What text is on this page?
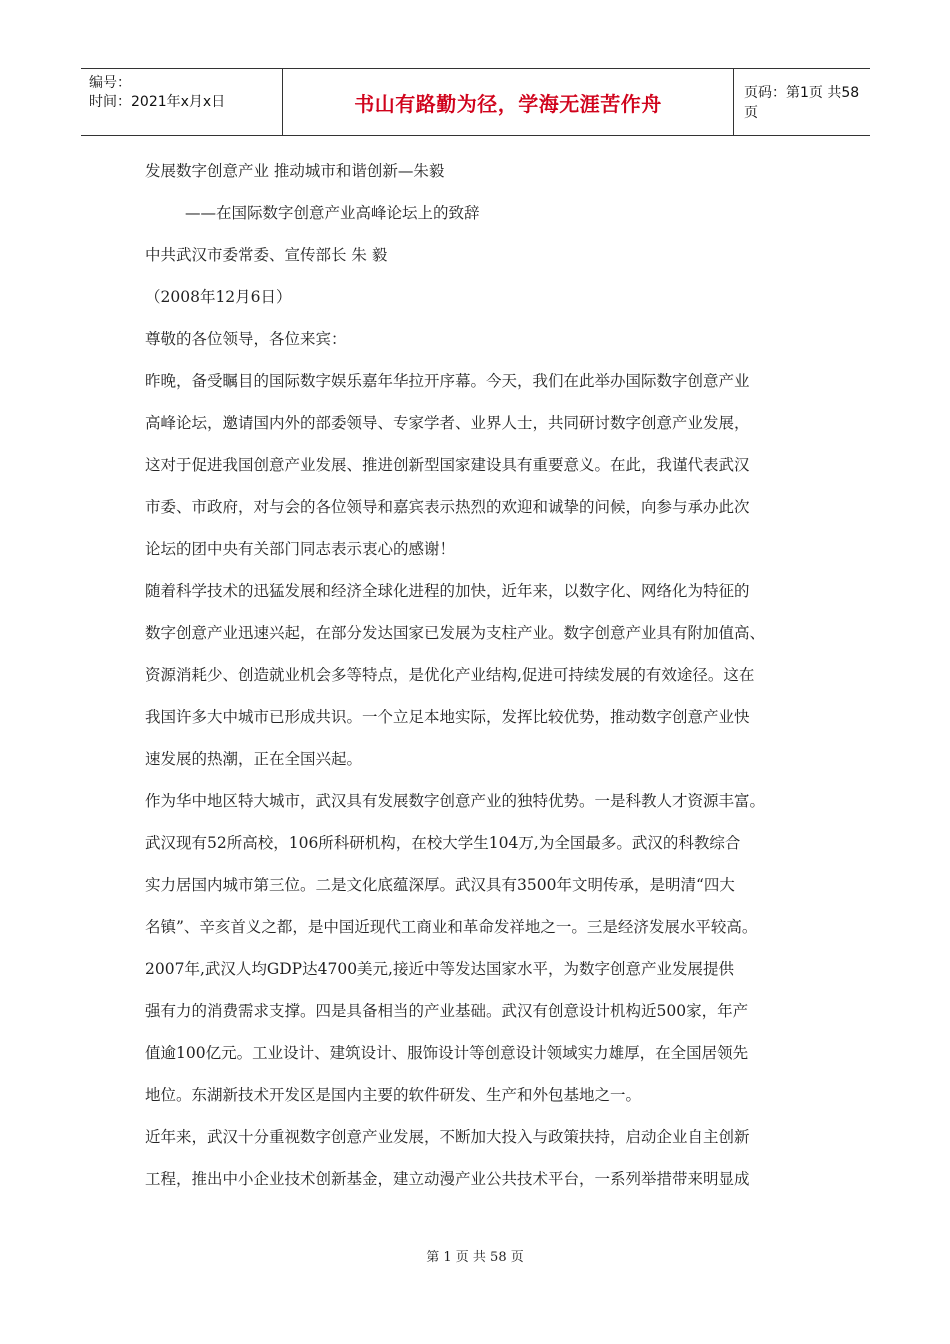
编号：
时间：2021年x月x日	书山有路勤为径，学海无涯苦作舟	页码：第1页 共58页
发展数字创意产业 推动城市和谐创新—朱毅
——在国际数字创意产业高峰论坛上的致辞
中共武汉市委常委、宣传部长 朱 毅
（2008年12月6日）
尊敬的各位领导，各位来宾：
昨晚，备受瞩目的国际数字娱乐嘉年华拉开序幕。今天，我们在此举办国际数字创意产业
高峰论坛，邀请国内外的部委领导、专家学者、业界人士，共同研讨数字创意产业发展，
这对于促进我国创意产业发展、推进创新型国家建设具有重要意义。在此，我谨代表武汉
市委、市政府，对与会的各位领导和嘉宾表示热烈的欢迎和诚挚的问候，向参与承办此次
论坛的团中央有关部门同志表示衷心的感谢！
随着科学技术的迅猛发展和经济全球化进程的加快，近年来，以数字化、网络化为特征的
数字创意产业迅速兴起，在部分发达国家已发展为支柱产业。数字创意产业具有附加值高、
资源消耗少、创造就业机会多等特点，是优化产业结构,促进可持续发展的有效途径。这在
我国许多大中城市已形成共识。一个立足本地实际，发挥比较优势，推动数字创意产业快
速发展的热潮，正在全国兴起。
作为华中地区特大城市，武汉具有发展数字创意产业的独特优势。一是科教人才资源丰富。
武汉现有52所高校，106所科研机构，在校大学生104万,为全国最多。武汉的科教综合
实力居国内城市第三位。二是文化底蕴深厚。武汉具有3500年文明传承，是明清“四大
名镇”、辛亥首义之都，是中国近现代工商业和革命发祥地之一。三是经济发展水平较高。
2007年,武汉人均GDP达4700美元,接近中等发达国家水平，为数字创意产业发展提供
强有力的消费需求支撑。四是具备相当的产业基础。武汉有创意设计机构近500家，年产
值逾100亿元。工业设计、建筑设计、服饰设计等创意设计领域实力雄厚，在全国居领先
地位。东湖新技术开发区是国内主要的软件研发、生产和外包基地之一。
近年来，武汉十分重视数字创意产业发展，不断加大投入与政策扶持，启动企业自主创新
工程，推出中小企业技术创新基金，建立动漫产业公共技术平台，一系列举措带来明显成
第 1 页 共 58 页
